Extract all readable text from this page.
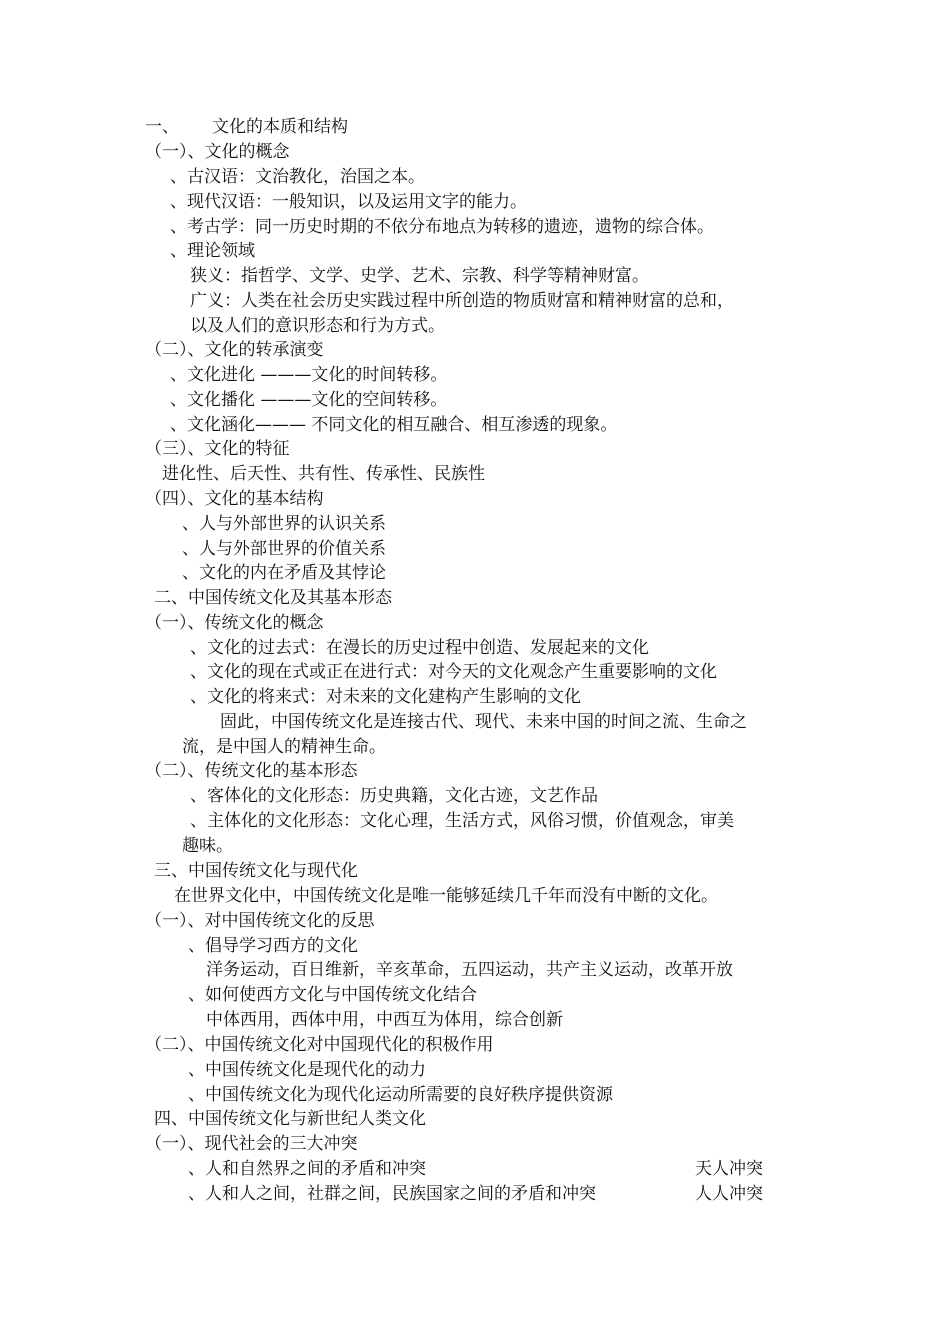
一、 文化的本质和结构
（一）、文化的概念
、古汉语：文治教化，治国之本。
、现代汉语：一般知识，以及运用文字的能力。
、考古学：同一历史时期的不依分布地点为转移的遗迹，遗物的综合体。
、理论领域
狭义：指哲学、文学、史学、艺术、宗教、科学等精神财富。
广义：人类在社会历史实践过程中所创造的物质财富和精神财富的总和，
以及人们的意识形态和行为方式。
（二）、文化的转承演变
、文化进化 ———文化的时间转移。
、文化播化 ———文化的空间转移。
、文化涵化——— 不同文化的相互融合、相互渗透的现象。
（三）、文化的特征
进化性、后天性、共有性、传承性、民族性
（四）、文化的基本结构
、人与外部世界的认识关系
、人与外部世界的价值关系
、文化的内在矛盾及其悖论
二、中国传统文化及其基本形态
（一）、传统文化的概念
、文化的过去式：在漫长的历史过程中创造、发展起来的文化
、文化的现在式或正在进行式：对今天的文化观念产生重要影响的文化
、文化的将来式：对未来的文化建构产生影响的文化
固此，中国传统文化是连接古代、现代、未来中国的时间之流、生命之
流，是中国人的精神生命。
（二）、传统文化的基本形态
、客体化的文化形态：历史典籍，文化古迹，文艺作品
、主体化的文化形态：文化心理，生活方式，风俗习惯，价值观念，审美
趣味。
三、中国传统文化与现代化
在世界文化中，中国传统文化是唯一能够延续几千年而没有中断的文化。
（一）、对中国传统文化的反思
、倡导学习西方的文化
洋务运动，百日维新，辛亥革命，五四运动，共产主义运动，改革开放
、如何使西方文化与中国传统文化结合
中体西用，西体中用，中西互为体用，综合创新
（二）、中国传统文化对中国现代化的积极作用
、中国传统文化是现代化的动力
、中国传统文化为现代化运动所需要的良好秩序提供资源
四、中国传统文化与新世纪人类文化
（一）、现代社会的三大冲突
、人和自然界之间的矛盾和冲突	天人冲突
、人和人之间，社群之间，民族国家之间的矛盾和冲突	人人冲突
